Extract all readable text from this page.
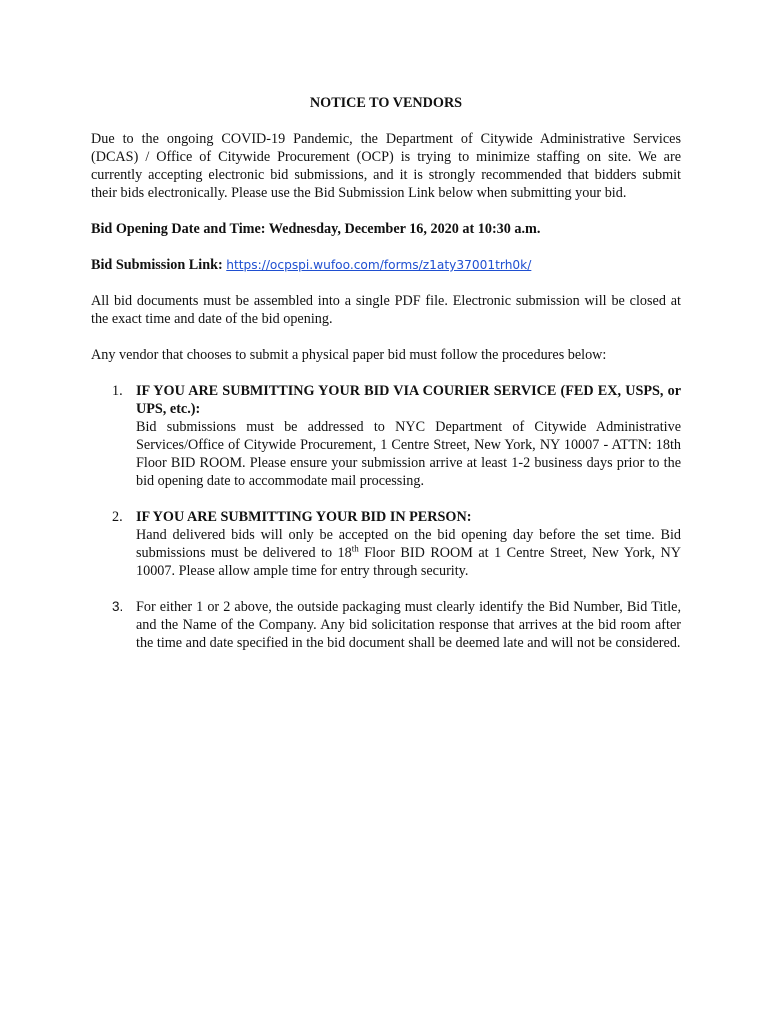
NOTICE TO VENDORS

Due to the ongoing COVID-19 Pandemic, the Department of Citywide Administrative Services (DCAS) / Office of Citywide Procurement (OCP) is trying to minimize staffing on site. We are currently accepting electronic bid submissions, and it is strongly recommended that bidders submit their bids electronically. Please use the Bid Submission Link below when submitting your bid.

Bid Opening Date and Time: Wednesday, December 16, 2020 at 10:30 a.m.

Bid Submission Link: https://ocpspi.wufoo.com/forms/z1aty37001trh0k/

All bid documents must be assembled into a single PDF file. Electronic submission will be closed at the exact time and date of the bid opening.

Any vendor that chooses to submit a physical paper bid must follow the procedures below:

1. IF YOU ARE SUBMITTING YOUR BID VIA COURIER SERVICE (FED EX, USPS, or UPS, etc.):
Bid submissions must be addressed to NYC Department of Citywide Administrative Services/Office of Citywide Procurement, 1 Centre Street, New York, NY 10007 - ATTN: 18th Floor BID ROOM. Please ensure your submission arrive at least 1-2 business days prior to the bid opening date to accommodate mail processing.
2. IF YOU ARE SUBMITTING YOUR BID IN PERSON:
Hand delivered bids will only be accepted on the bid opening day before the set time. Bid submissions must be delivered to 18th Floor BID ROOM at 1 Centre Street, New York, NY 10007. Please allow ample time for entry through security.
3. For either 1 or 2 above, the outside packaging must clearly identify the Bid Number, Bid Title, and the Name of the Company. Any bid solicitation response that arrives at the bid room after the time and date specified in the bid document shall be deemed late and will not be considered.
